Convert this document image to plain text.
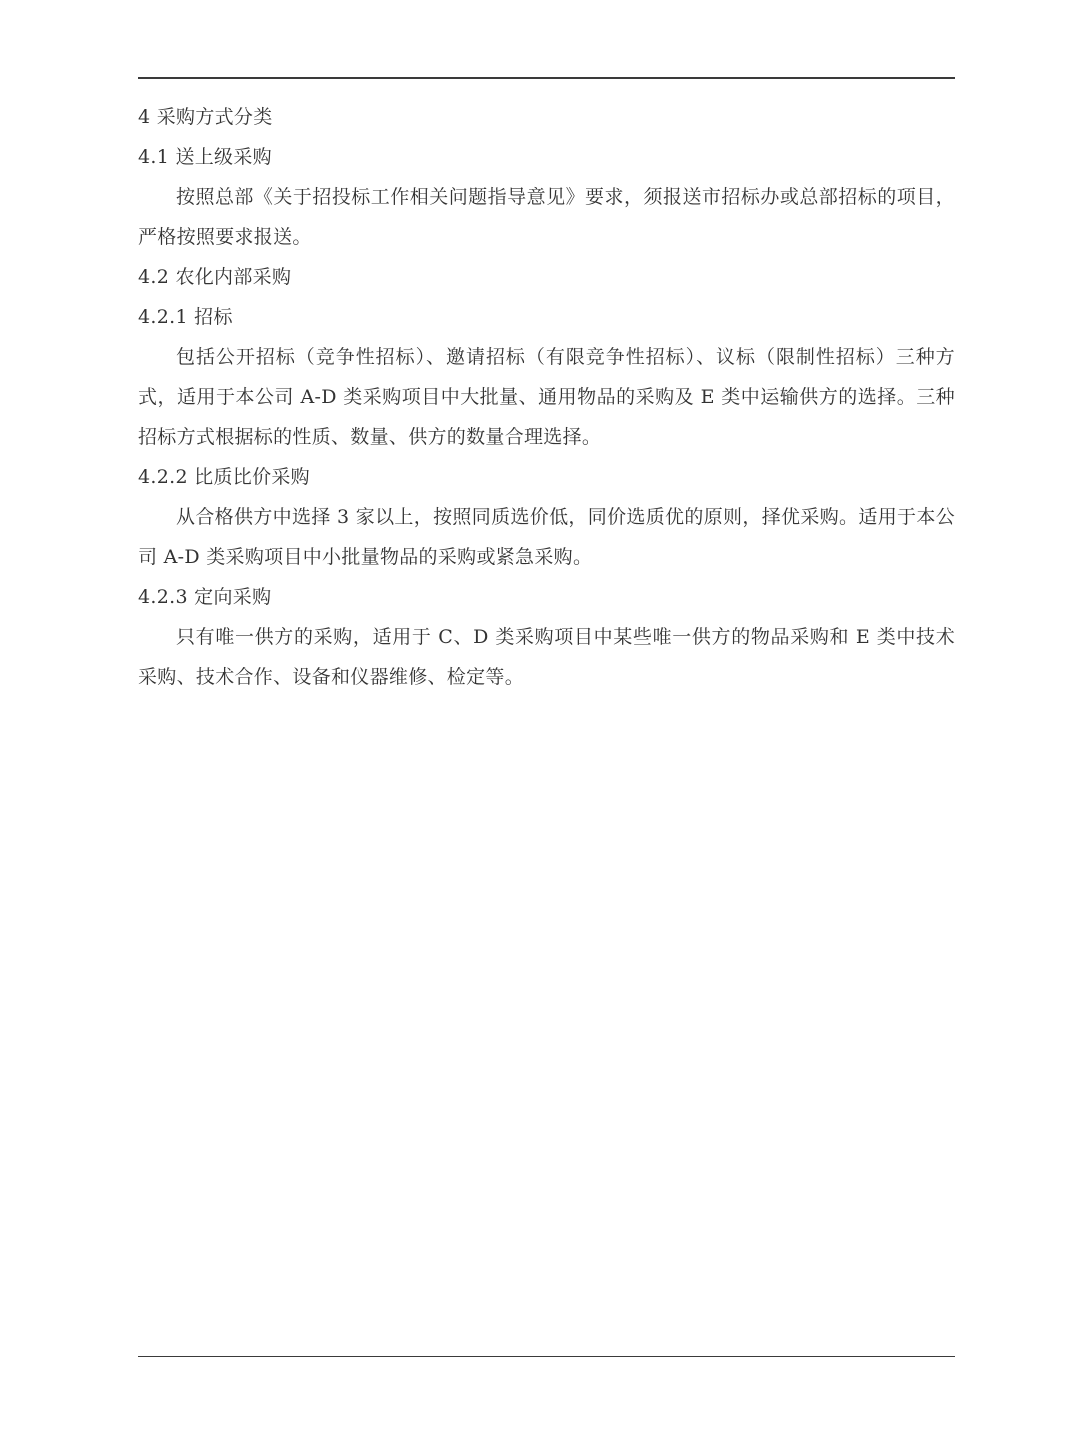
4 采购方式分类

4.1 送上级采购

按照总部《关于招投标工作相关问题指导意见》要求，须报送市招标办或总部招标的项目，严格按照要求报送。

4.2 农化内部采购

4.2.1 招标

包括公开招标（竞争性招标）、邀请招标（有限竞争性招标）、议标（限制性招标）三种方式，适用于本公司 A-D 类采购项目中大批量、通用物品的采购及 E 类中运输供方的选择。三种招标方式根据标的性质、数量、供方的数量合理选择。

4.2.2 比质比价采购

从合格供方中选择 3 家以上，按照同质选价低，同价选质优的原则，择优采购。适用于本公司 A-D 类采购项目中小批量物品的采购或紧急采购。

4.2.3 定向采购

只有唯一供方的采购，适用于 C、D 类采购项目中某些唯一供方的物品采购和 E 类中技术采购、技术合作、设备和仪器维修、检定等。
